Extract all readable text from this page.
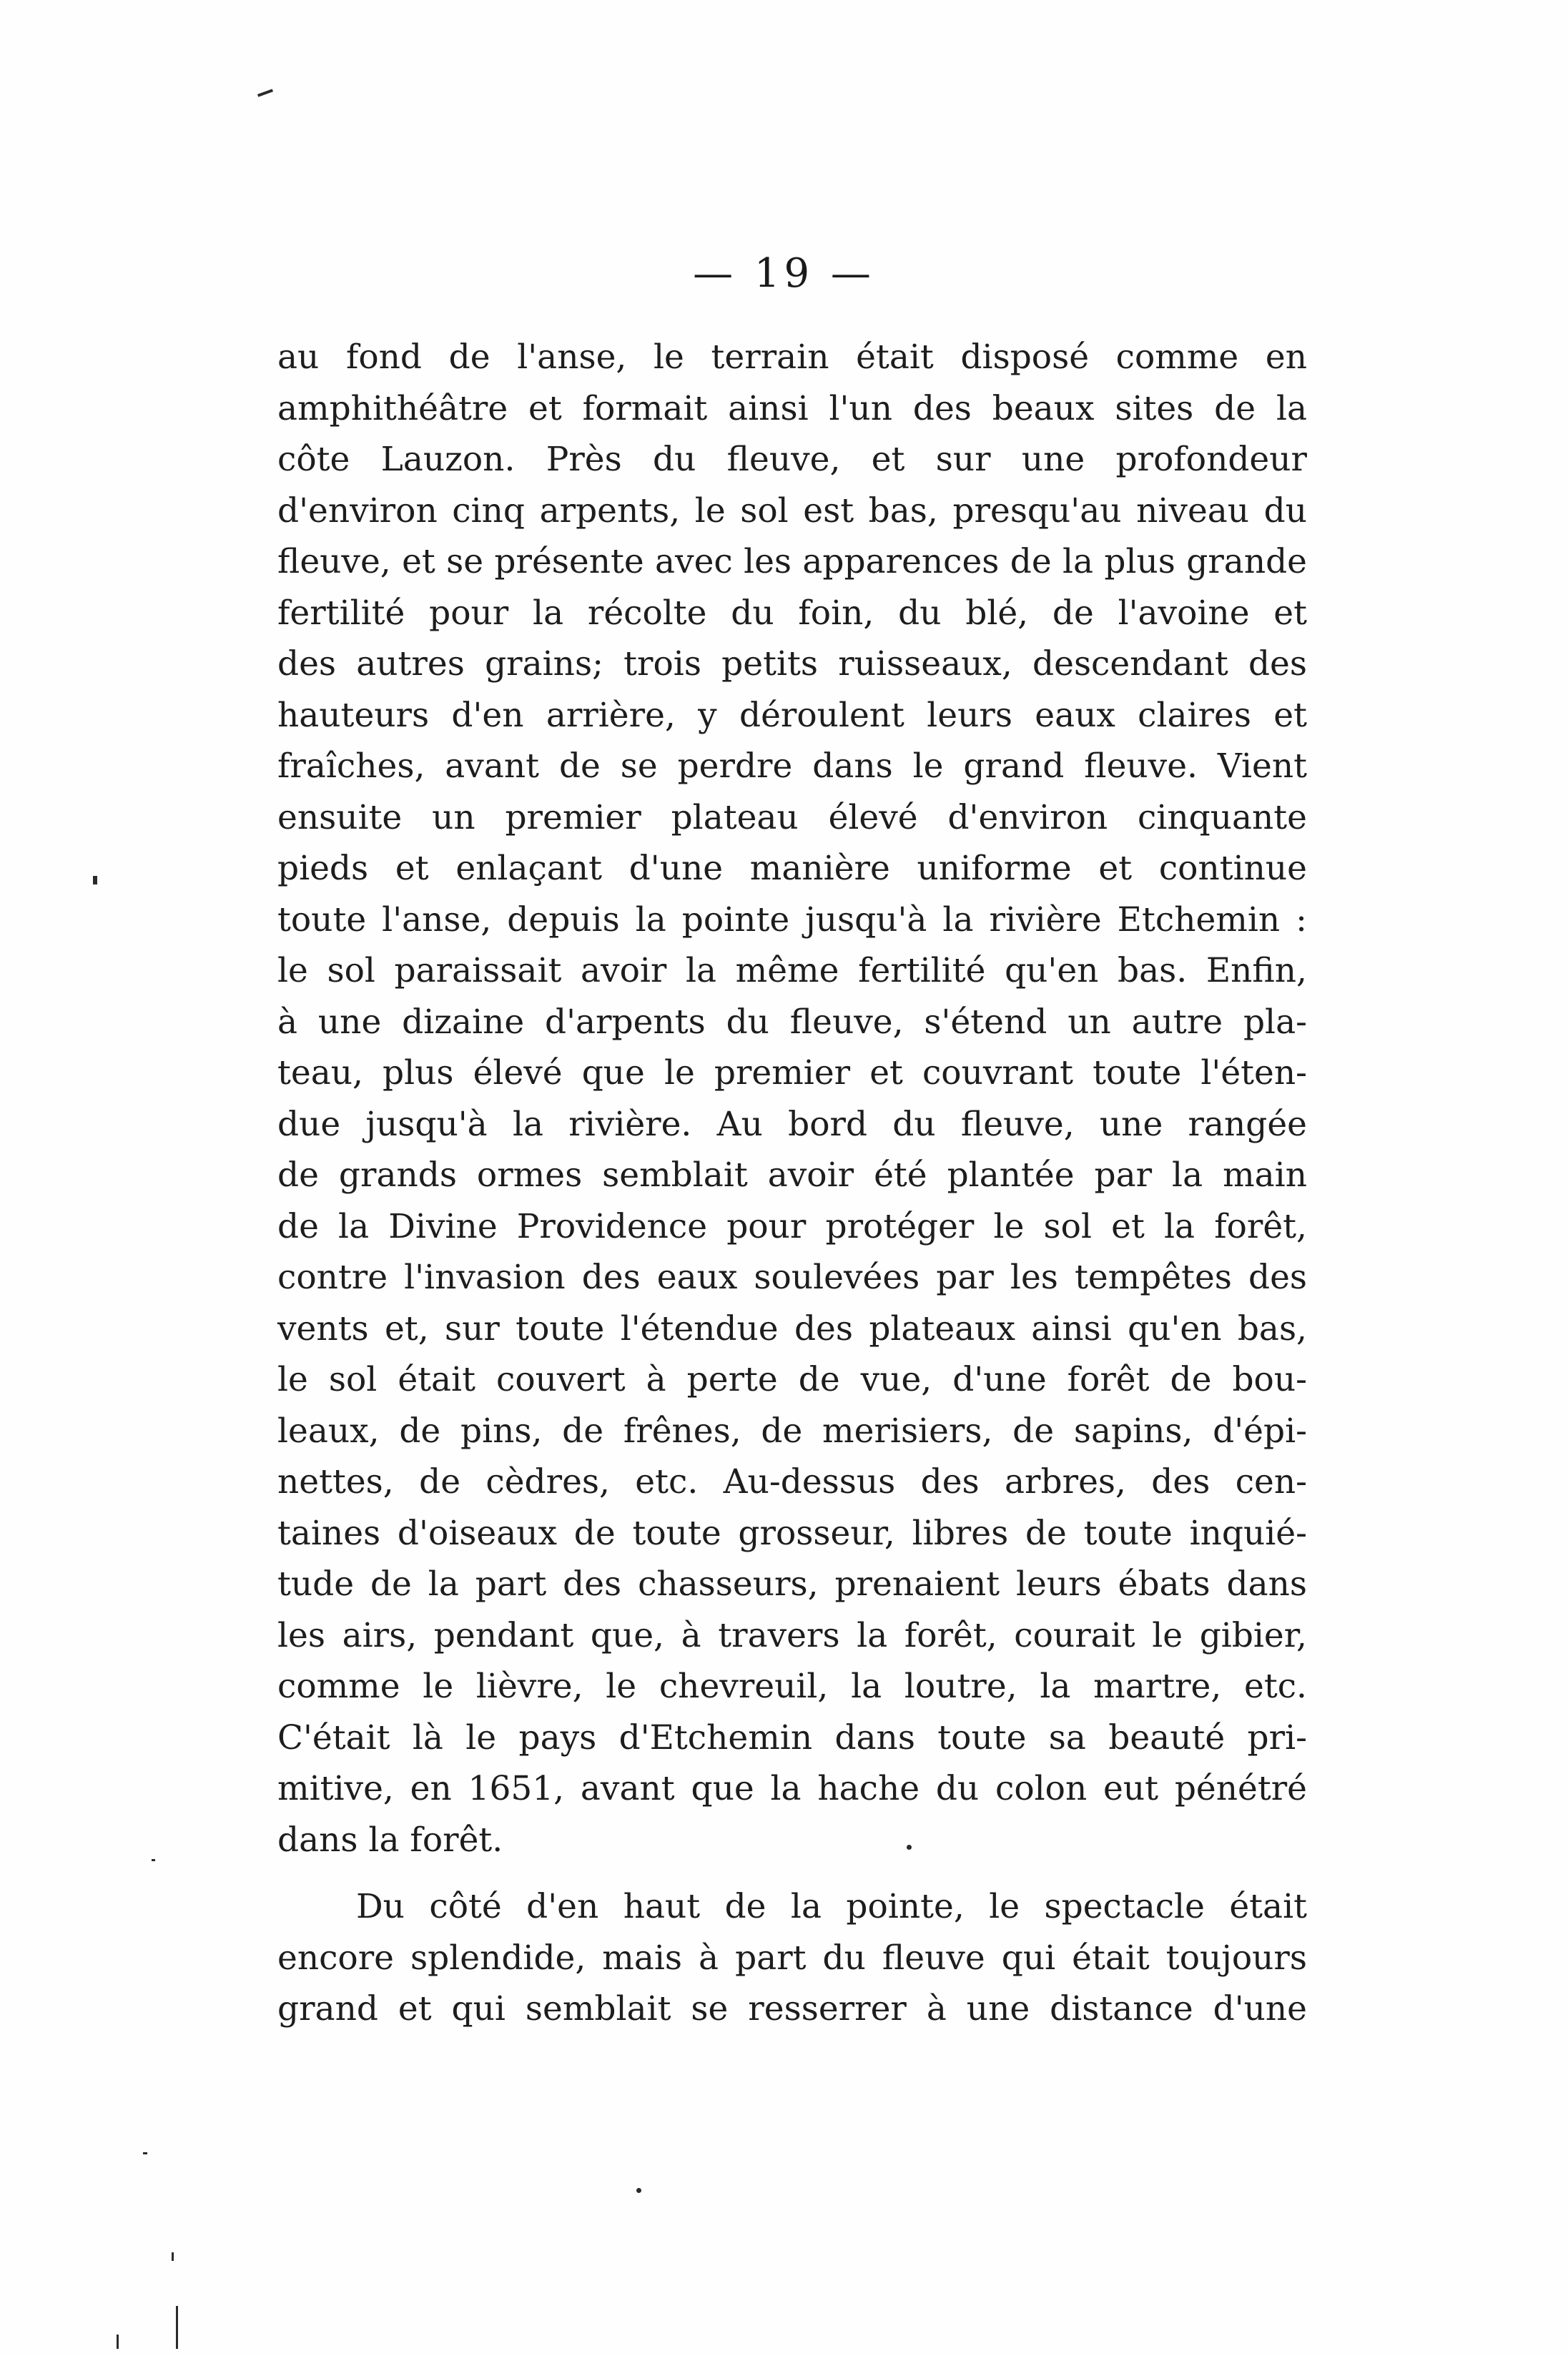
— 19 —
au fond de l'anse, le terrain était disposé comme en
amphithéâtre et formait ainsi l'un des beaux sites de la
côte Lauzon. Près du fleuve, et sur une profondeur
d'environ cinq arpents, le sol est bas, presqu'au niveau du
fleuve, et se présente avec les apparences de la plus grande
fertilité pour la récolte du foin, du blé, de l'avoine et
des autres grains; trois petits ruisseaux, descendant des
hauteurs d'en arrière, y déroulent leurs eaux claires et
fraîches, avant de se perdre dans le grand fleuve. Vient
ensuite un premier plateau élevé d'environ cinquante
pieds et enlaçant d'une manière uniforme et continue
toute l'anse, depuis la pointe jusqu'à la rivière Etchemin :
le sol paraissait avoir la même fertilité qu'en bas. Enfin,
à une dizaine d'arpents du fleuve, s'étend un autre pla-
teau, plus élevé que le premier et couvrant toute l'éten-
due jusqu'à la rivière. Au bord du fleuve, une rangée
de grands ormes semblait avoir été plantée par la main
de la Divine Providence pour protéger le sol et la forêt,
contre l'invasion des eaux soulevées par les tempêtes des
vents et, sur toute l'étendue des plateaux ainsi qu'en bas,
le sol était couvert à perte de vue, d'une forêt de bou-
leaux, de pins, de frênes, de merisiers, de sapins, d'épi-
nettes, de cèdres, etc. Au-dessus des arbres, des cen-
taines d'oiseaux de toute grosseur, libres de toute inquié-
tude de la part des chasseurs, prenaient leurs ébats dans
les airs, pendant que, à travers la forêt, courait le gibier,
comme le lièvre, le chevreuil, la loutre, la martre, etc.
C'était là le pays d'Etchemin dans toute sa beauté pri-
mitive, en 1651, avant que la hache du colon eut pénétré
dans la forêt.
Du côté d'en haut de la pointe, le spectacle était
encore splendide, mais à part du fleuve qui était toujours
grand et qui semblait se resserrer à une distance d'une
